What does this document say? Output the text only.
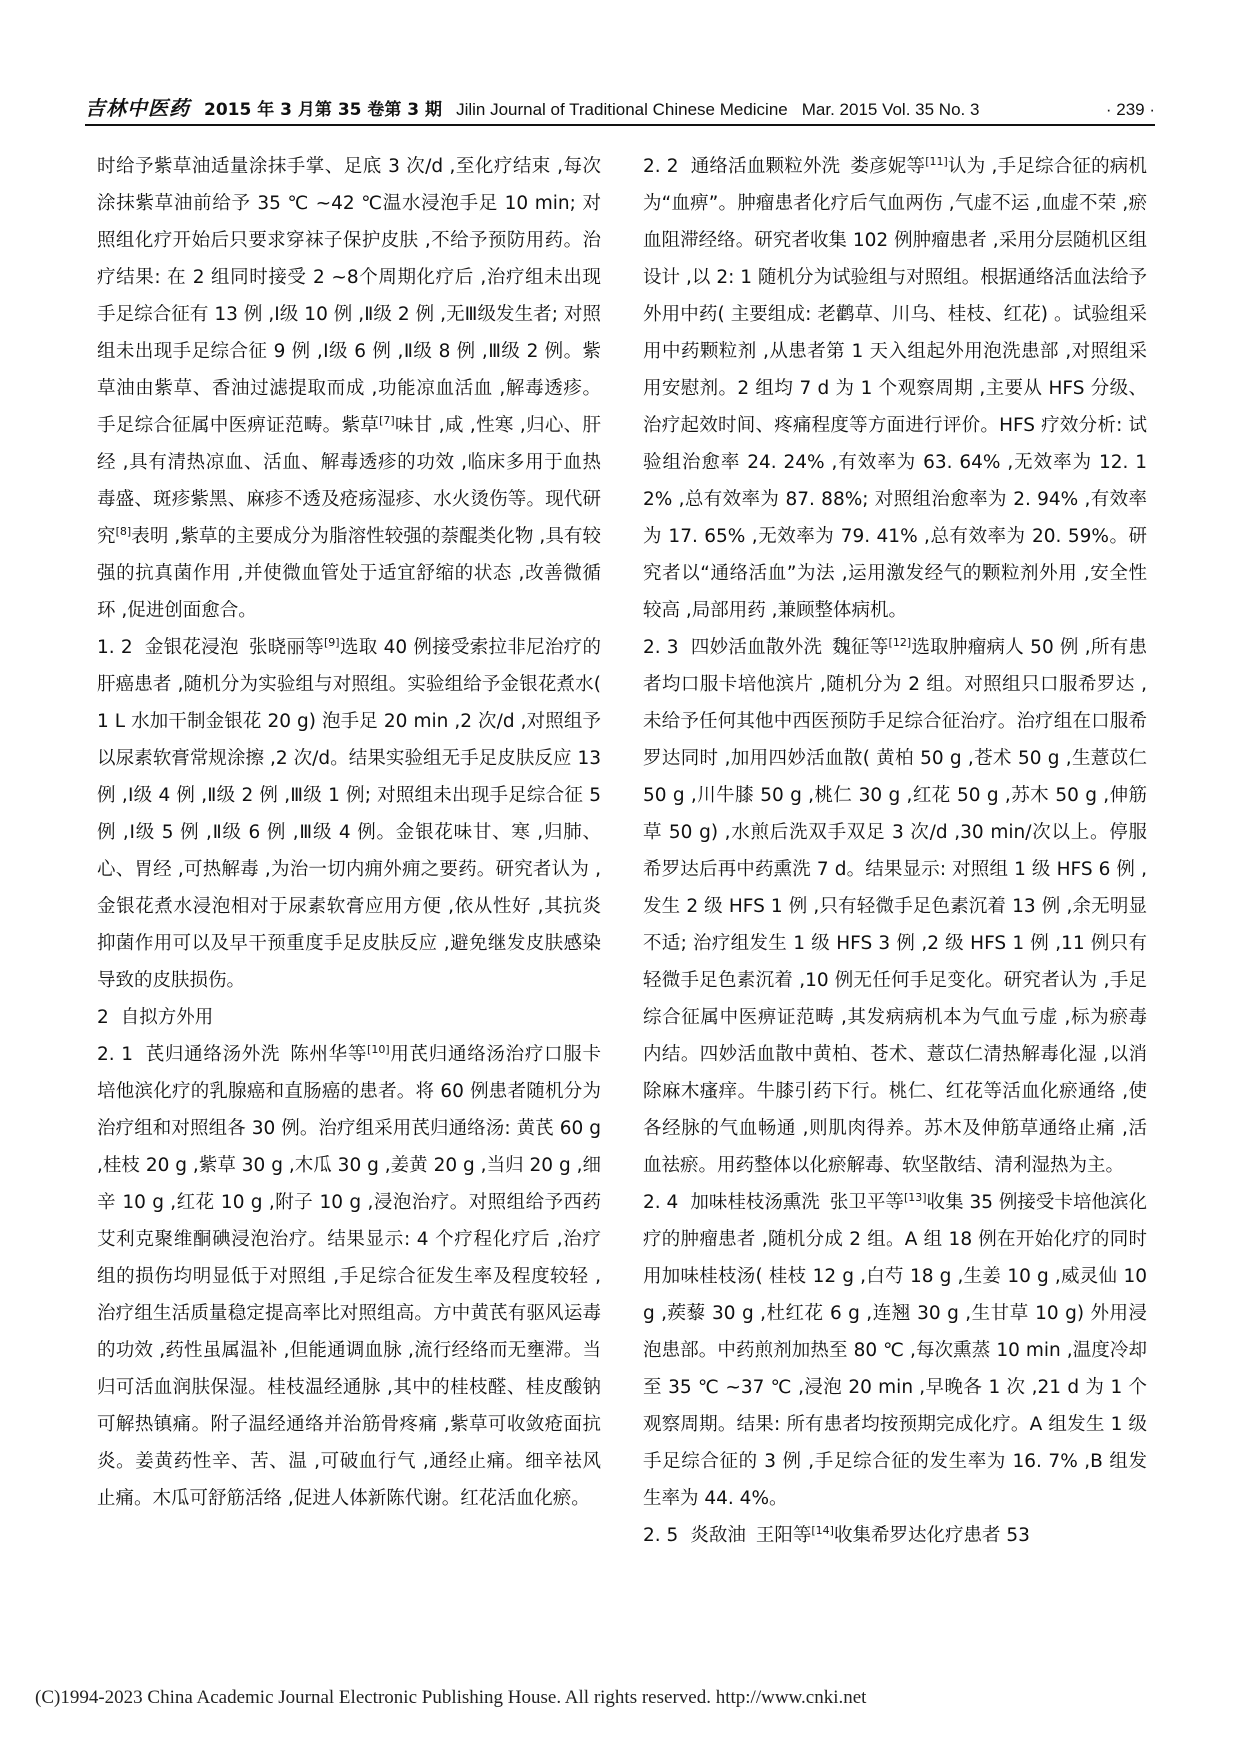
吉林中医药 2015 年 3 月第 35 卷第 3 期 Jilin Journal of Traditional Chinese Medicine Mar. 2015 Vol. 35 No. 3	· 239 ·

时给予紫草油适量涂抹手掌、足底 3 次/d ,至化疗结束 ,每次涂抹紫草油前给予 35 ℃ ~42 ℃温水浸泡手足 10 min; 对照组化疗开始后只要求穿袜子保护皮肤 ,不给予预防用药。治疗结果: 在 2 组同时接受 2 ~8个周期化疗后 ,治疗组未出现手足综合征有 13 例 ,Ⅰ级 10 例 ,Ⅱ级 2 例 ,无Ⅲ级发生者; 对照组未出现手足综合征 9 例 ,Ⅰ级 6 例 ,Ⅱ级 8 例 ,Ⅲ级 2 例。紫草油由紫草、香油过滤提取而成 ,功能凉血活血 ,解毒透疹。手足综合征属中医痹证范畴。紫草[7]味甘 ,咸 ,性寒 ,归心、肝经 ,具有清热凉血、活血、解毒透疹的功效 ,临床多用于血热毒盛、斑疹紫黑、麻疹不透及疮疡湿疹、水火烫伤等。现代研究[8]表明 ,紫草的主要成分为脂溶性较强的萘醌类化物 ,具有较强的抗真菌作用 ,并使微血管处于适宜舒缩的状态 ,改善微循环 ,促进创面愈合。

1. 2 金银花浸泡 张晓丽等[9]选取 40 例接受索拉非尼治疗的肝癌患者 ,随机分为实验组与对照组。实验组给予金银花煮水( 1 L 水加干制金银花 20 g) 泡手足 20 min ,2 次/d ,对照组予以尿素软膏常规涂擦 ,2 次/d。结果实验组无手足皮肤反应 13 例 ,Ⅰ级 4 例 ,Ⅱ级 2 例 ,Ⅲ级 1 例; 对照组未出现手足综合征 5 例 ,Ⅰ级 5 例 ,Ⅱ级 6 例 ,Ⅲ级 4 例。金银花味甘、寒 ,归肺、心、胃经 ,可热解毒 ,为治一切内痈外痈之要药。研究者认为 ,金银花煮水浸泡相对于尿素软膏应用方便 ,依从性好 ,其抗炎抑菌作用可以及早干预重度手足皮肤反应 ,避免继发皮肤感染导致的皮肤损伤。

2 自拟方外用

2. 1 芪归通络汤外洗 陈州华等[10]用芪归通络汤治疗口服卡培他滨化疗的乳腺癌和直肠癌的患者。将 60 例患者随机分为治疗组和对照组各 30 例。治疗组采用芪归通络汤: 黄芪 60 g ,桂枝 20 g ,紫草 30 g ,木瓜 30 g ,姜黄 20 g ,当归 20 g ,细辛 10 g ,红花 10 g ,附子 10 g ,浸泡治疗。对照组给予西药艾利克聚维酮碘浸泡治疗。结果显示: 4 个疗程化疗后 ,治疗组的损伤均明显低于对照组 ,手足综合征发生率及程度较轻 ,治疗组生活质量稳定提高率比对照组高。方中黄芪有驱风运毒的功效 ,药性虽属温补 ,但能通调血脉 ,流行经络而无壅滞。当归可活血润肤保湿。桂枝温经通脉 ,其中的桂枝醛、桂皮酸钠可解热镇痛。附子温经通络并治筋骨疼痛 ,紫草可收敛疮面抗炎。姜黄药性辛、苦、温 ,可破血行气 ,通经止痛。细辛祛风止痛。木瓜可舒筋活络 ,促进人体新陈代谢。红花活血化瘀。

2. 2 通络活血颗粒外洗 娄彦妮等[11]认为 ,手足综合征的病机为“血痹”。肿瘤患者化疗后气血两伤 ,气虚不运 ,血虚不荣 ,瘀血阻滞经络。研究者收集 102 例肿瘤患者 ,采用分层随机区组设计 ,以 2: 1 随机分为试验组与对照组。根据通络活血法给予外用中药( 主要组成: 老鹳草、川乌、桂枝、红花) 。试验组采用中药颗粒剂 ,从患者第 1 天入组起外用泡洗患部 ,对照组采用安慰剂。2 组均 7 d 为 1 个观察周期 ,主要从 HFS 分级、治疗起效时间、疼痛程度等方面进行评价。HFS 疗效分析: 试验组治愈率 24. 24% ,有效率为 63. 64% ,无效率为 12. 12% ,总有效率为 87. 88%; 对照组治愈率为 2. 94% ,有效率为 17. 65% ,无效率为 79. 41% ,总有效率为 20. 59%。研究者以“通络活血”为法 ,运用激发经气的颗粒剂外用 ,安全性较高 ,局部用药 ,兼顾整体病机。

2. 3 四妙活血散外洗 魏征等[12]选取肿瘤病人 50 例 ,所有患者均口服卡培他滨片 ,随机分为 2 组。对照组只口服希罗达 ,未给予任何其他中西医预防手足综合征治疗。治疗组在口服希罗达同时 ,加用四妙活血散( 黄柏 50 g ,苍术 50 g ,生薏苡仁 50 g ,川牛膝 50 g ,桃仁 30 g ,红花 50 g ,苏木 50 g ,伸筋草 50 g) ,水煎后洗双手双足 3 次/d ,30 min/次以上。停服希罗达后再中药熏洗 7 d。结果显示: 对照组 1 级 HFS 6 例 ,发生 2 级 HFS 1 例 ,只有轻微手足色素沉着 13 例 ,余无明显不适; 治疗组发生 1 级 HFS 3 例 ,2 级 HFS 1 例 ,11 例只有轻微手足色素沉着 ,10 例无任何手足变化。研究者认为 ,手足综合征属中医痹证范畴 ,其发病病机本为气血亏虚 ,标为瘀毒内结。四妙活血散中黄柏、苍术、薏苡仁清热解毒化湿 ,以消除麻木瘙痒。牛膝引药下行。桃仁、红花等活血化瘀通络 ,使各经脉的气血畅通 ,则肌肉得养。苏木及伸筋草通络止痛 ,活血祛瘀。用药整体以化瘀解毒、软坚散结、清利湿热为主。

2. 4 加味桂枝汤熏洗 张卫平等[13]收集 35 例接受卡培他滨化疗的肿瘤患者 ,随机分成 2 组。A 组 18 例在开始化疗的同时用加味桂枝汤( 桂枝 12 g ,白芍 18 g ,生姜 10 g ,威灵仙 10 g ,蒺藜 30 g ,杜红花 6 g ,连翘 30 g ,生甘草 10 g) 外用浸泡患部。中药煎剂加热至 80 ℃ ,每次熏蒸 10 min ,温度冷却至 35 ℃ ~37 ℃ ,浸泡 20 min ,早晚各 1 次 ,21 d 为 1 个观察周期。结果: 所有患者均按预期完成化疗。A 组发生 1 级手足综合征的 3 例 ,手足综合征的发生率为 16. 7% ,B 组发生率为 44. 4%。

2. 5 炎敌油 王阳等[14]收集希罗达化疗患者 53

(C)1994-2023 China Academic Journal Electronic Publishing House. All rights reserved. http://www.cnki.net
